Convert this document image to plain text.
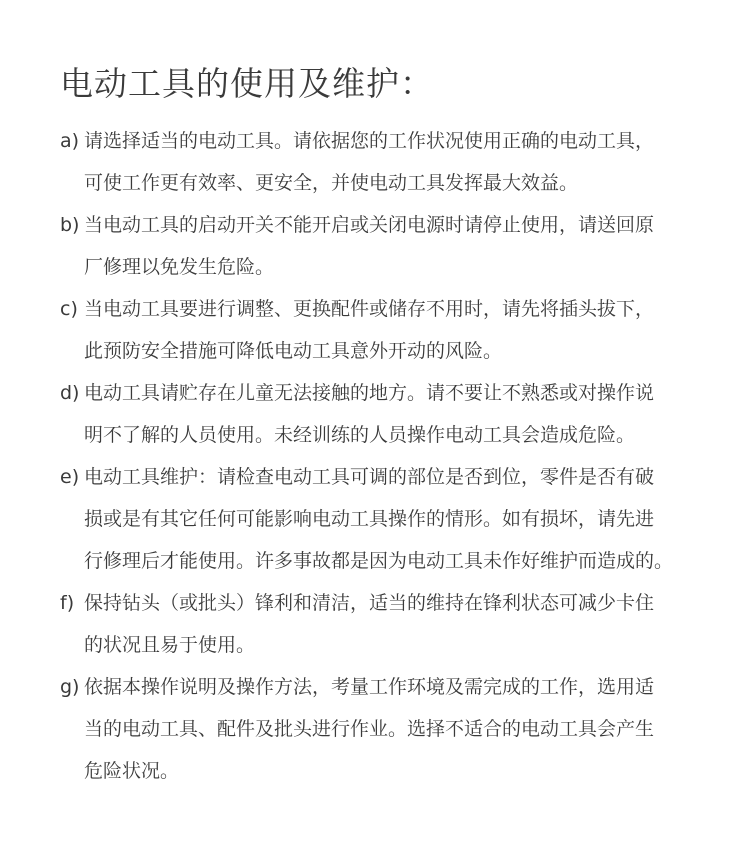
电动工具的使用及维护：
a) 请选择适当的电动工具。请依据您的工作状况使用正确的电动工具，
可使工作更有效率、更安全，并使电动工具发挥最大效益。
b) 当电动工具的启动开关不能开启或关闭电源时请停止使用，请送回原
厂修理以免发生危险。
c) 当电动工具要进行调整、更换配件或储存不用时，请先将插头拔下，
此预防安全措施可降低电动工具意外开动的风险。
d) 电动工具请贮存在儿童无法接触的地方。请不要让不熟悉或对操作说
明不了解的人员使用。未经训练的人员操作电动工具会造成危险。
e) 电动工具维护：请检查电动工具可调的部位是否到位，零件是否有破
损或是有其它任何可能影响电动工具操作的情形。如有损坏，请先进
行修理后才能使用。许多事故都是因为电动工具未作好维护而造成的。
f) 保持钻头（或批头）锋利和清洁，适当的维持在锋利状态可减少卡住
的状况且易于使用。
g) 依据本操作说明及操作方法，考量工作环境及需完成的工作，选用适
当的电动工具、配件及批头进行作业。选择不适合的电动工具会产生
危险状况。
